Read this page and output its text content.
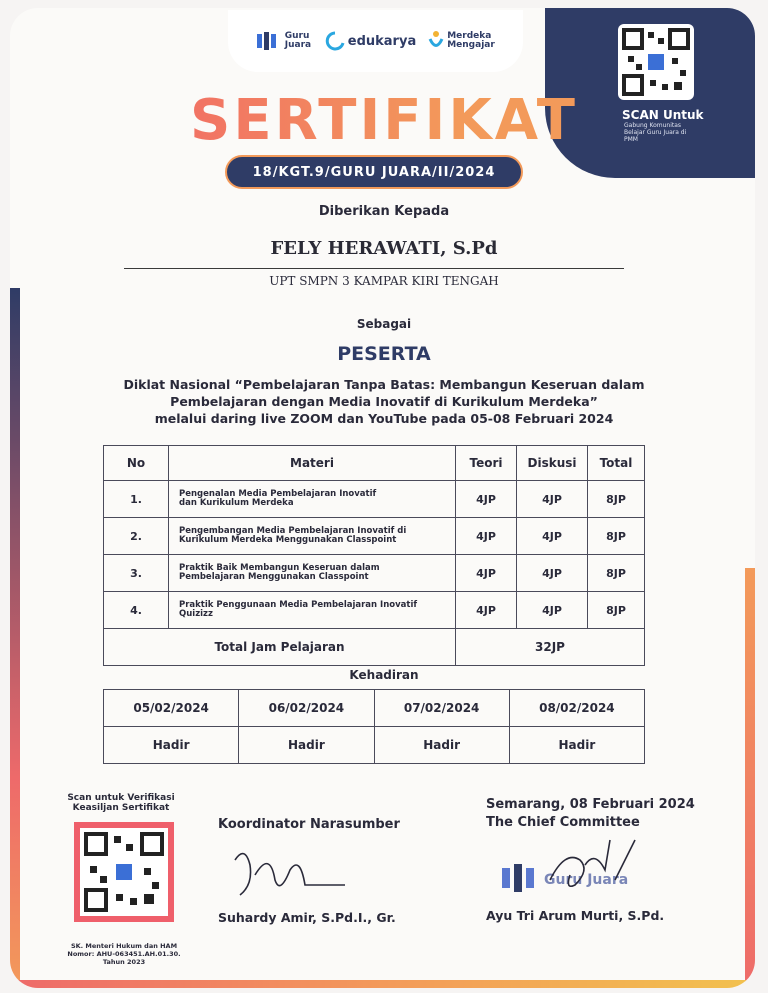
Guru Juara	edukarya	Merdeka Mengajar
SERTIFIKAT
18/KGT.9/GURU JUARA/II/2024
Diberikan Kepada
FELY HERAWATI, S.Pd
UPT SMPN 3 KAMPAR KIRI TENGAH
Sebagai
PESERTA
Diklat Nasional “Pembelajaran Tanpa Batas: Membangun Keseruan dalam
Pembelajaran dengan Media Inovatif di Kurikulum Merdeka”
melalui daring live ZOOM dan YouTube pada 05-08 Februari 2024
No	Materi	Teori	Diskusi	Total
1.	Pengenalan Media Pembelajaran Inovatif
dan Kurikulum Merdeka	4JP	4JP	8JP
2.	Pengembangan Media Pembelajaran Inovatif di
Kurikulum Merdeka Menggunakan Classpoint	4JP	4JP	8JP
3.	Praktik Baik Membangun Keseruan dalam
Pembelajaran Menggunakan Classpoint	4JP	4JP	8JP
4.	Praktik Penggunaan Media Pembelajaran Inovatif
Quizizz	4JP	4JP	8JP
Total Jam Pelajaran		32JP		
Kehadiran
05/02/2024	06/02/2024	07/02/2024	08/02/2024
Hadir	Hadir	Hadir	Hadir
Scan untuk Verifikasi
Keasiljan Sertifikat
SK. Menteri Hukum dan HAM
Nomor: AHU-063451.AH.01.30.
Tahun 2023
Koordinator Narasumber
Suhardy Amir, S.Pd.I., Gr.
Semarang, 08 Februari 2024
The Chief Committee
Guru Juara
Ayu Tri Arum Murti, S.Pd.
